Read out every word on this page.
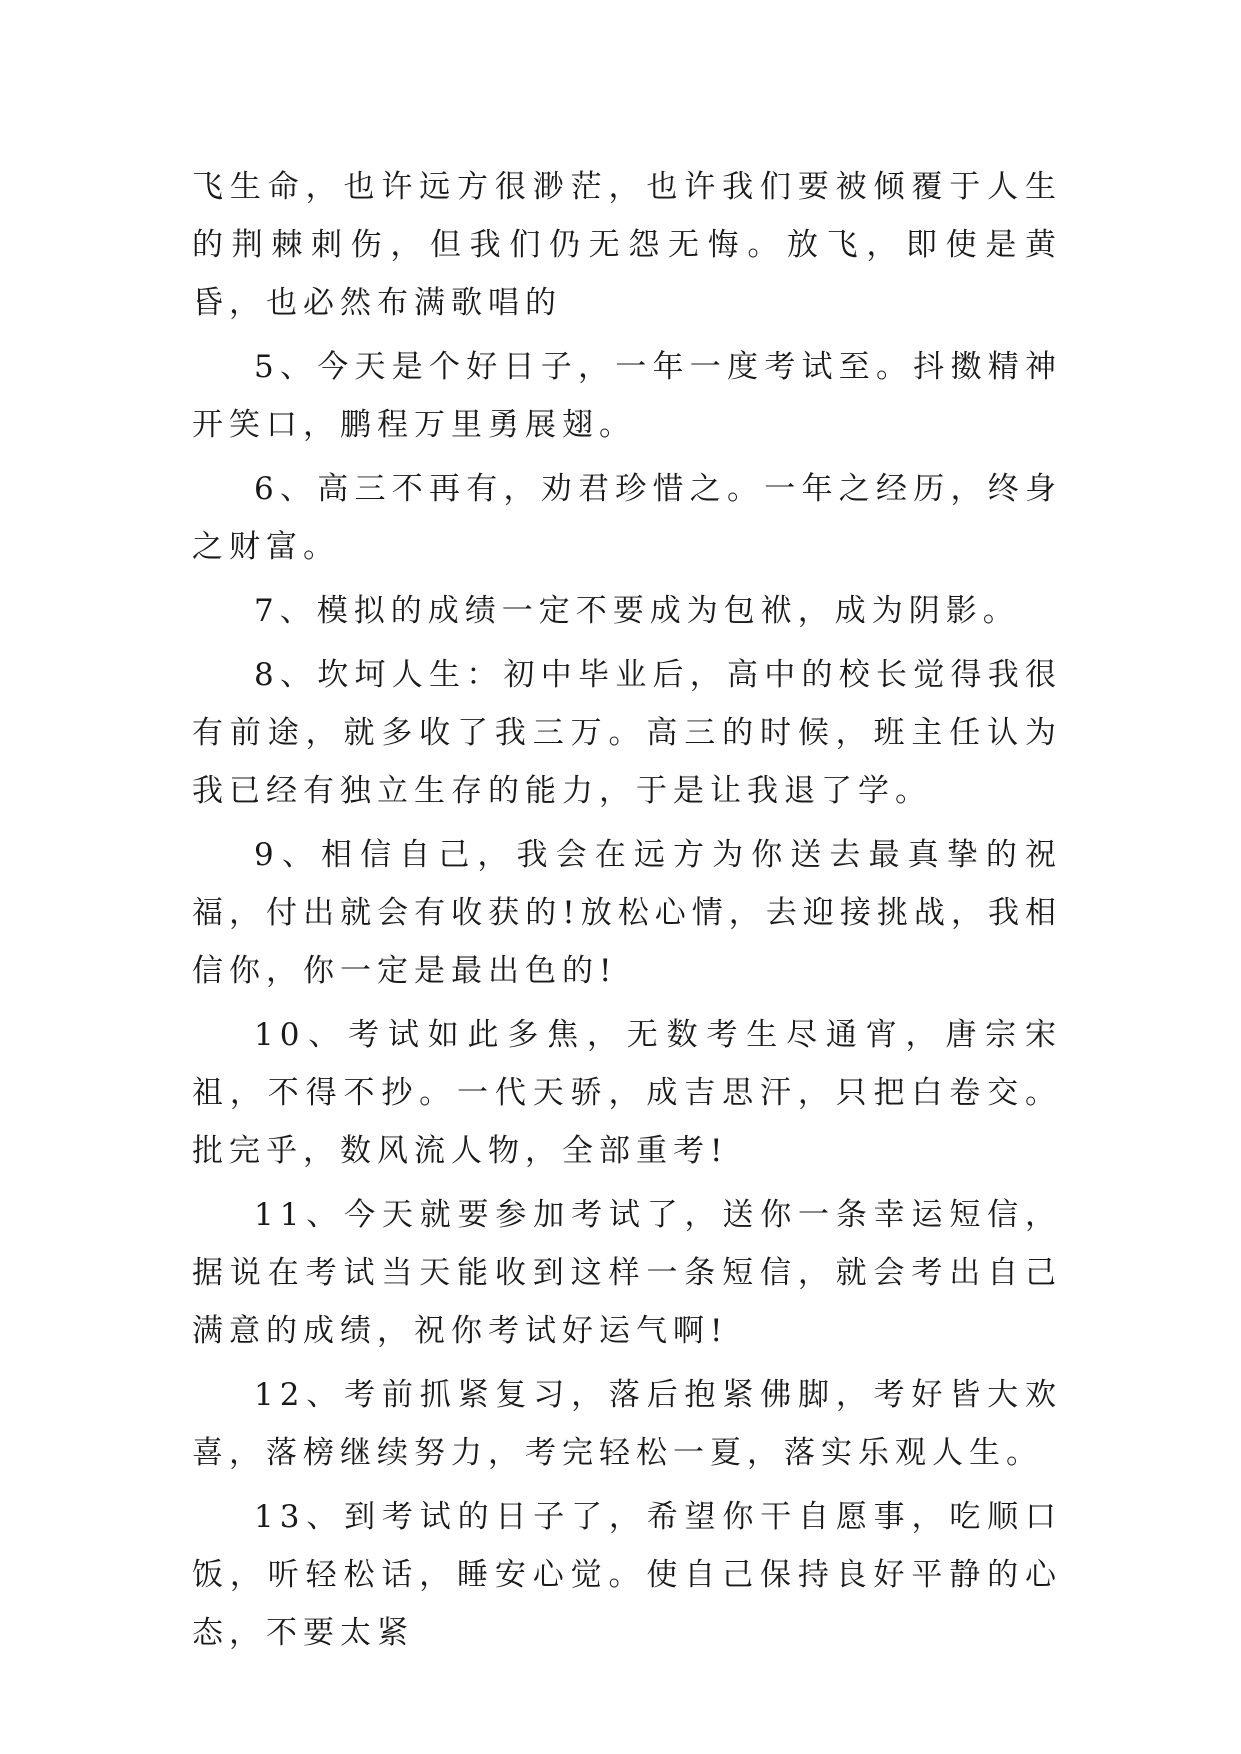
飞生命，也许远方很渺茫，也许我们要被倾覆于人生的荆棘刺伤，但我们仍无怨无悔。放飞，即使是黄昏，也必然布满歌唱的

5、今天是个好日子，一年一度考试至。抖擞精神开笑口，鹏程万里勇展翅。

6、高三不再有，劝君珍惜之。一年之经历，终身之财富。

7、模拟的成绩一定不要成为包袱，成为阴影。

8、坎坷人生：初中毕业后，高中的校长觉得我很有前途，就多收了我三万。高三的时候，班主任认为我已经有独立生存的能力，于是让我退了学。

9、相信自己，我会在远方为你送去最真挚的祝福，付出就会有收获的!放松心情，去迎接挑战，我相信你，你一定是最出色的!

10、考试如此多焦，无数考生尽通宵，唐宗宋祖，不得不抄。一代天骄，成吉思汗，只把白卷交。批完乎，数风流人物，全部重考!

11、今天就要参加考试了，送你一条幸运短信，据说在考试当天能收到这样一条短信，就会考出自己满意的成绩，祝你考试好运气啊!

12、考前抓紧复习，落后抱紧佛脚，考好皆大欢喜，落榜继续努力，考完轻松一夏，落实乐观人生。

13、到考试的日子了，希望你干自愿事，吃顺口饭，听轻松话，睡安心觉。使自己保持良好平静的心态，不要太紧
